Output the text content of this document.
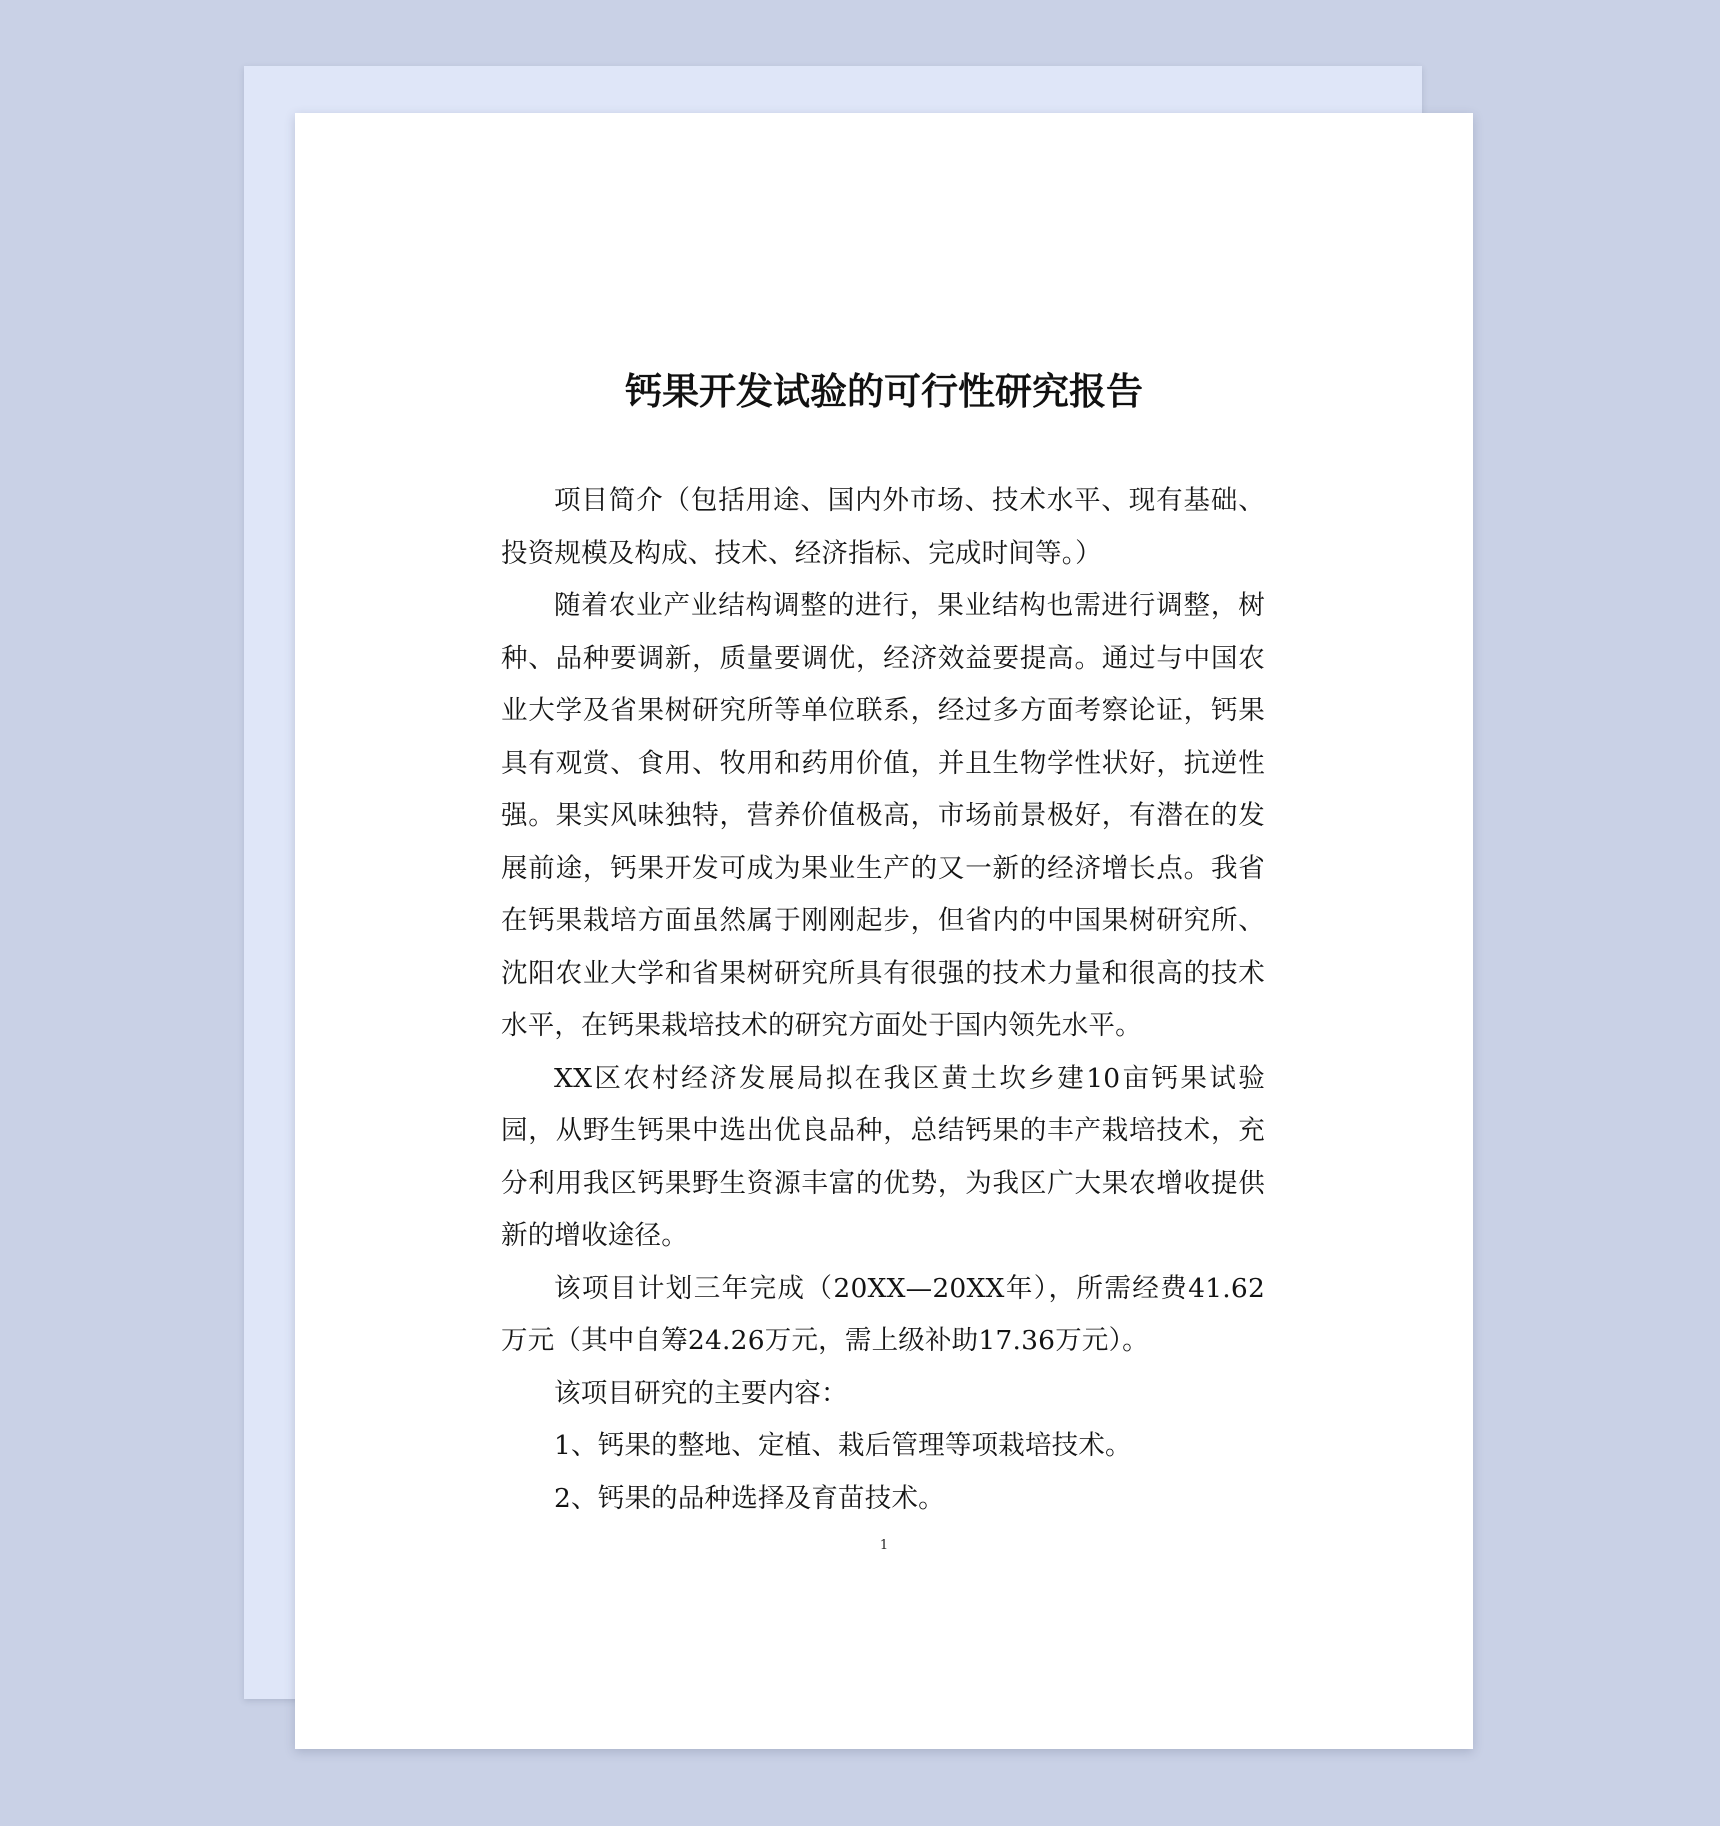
钙果开发试验的可行性研究报告

项目简介（包括用途、国内外市场、技术水平、现有基础、投资规模及构成、技术、经济指标、完成时间等。）

随着农业产业结构调整的进行，果业结构也需进行调整，树种、品种要调新，质量要调优，经济效益要提高。通过与中国农业大学及省果树研究所等单位联系，经过多方面考察论证，钙果具有观赏、食用、牧用和药用价值，并且生物学性状好，抗逆性强。果实风味独特，营养价值极高，市场前景极好，有潜在的发展前途，钙果开发可成为果业生产的又一新的经济增长点。我省在钙果栽培方面虽然属于刚刚起步，但省内的中国果树研究所、沈阳农业大学和省果树研究所具有很强的技术力量和很高的技术水平，在钙果栽培技术的研究方面处于国内领先水平。

XX区农村经济发展局拟在我区黄土坎乡建10亩钙果试验园，从野生钙果中选出优良品种，总结钙果的丰产栽培技术，充分利用我区钙果野生资源丰富的优势，为我区广大果农增收提供新的增收途径。

该项目计划三年完成（20XX—20XX年），所需经费41.62万元（其中自筹24.26万元，需上级补助17.36万元）。

该项目研究的主要内容：

1、钙果的整地、定植、栽后管理等项栽培技术。

2、钙果的品种选择及育苗技术。

1
